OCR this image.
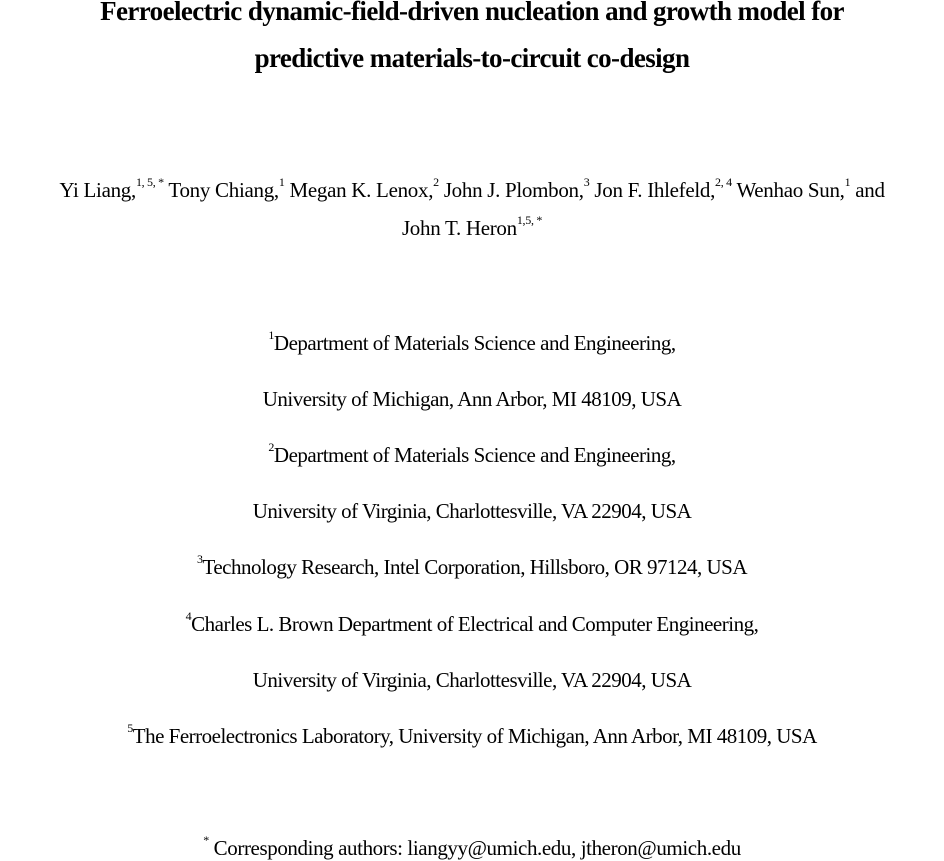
Ferroelectric dynamic-field-driven nucleation and growth model for
predictive materials-to-circuit co-design
Yi Liang,$^{1, 5, *}$ Tony Chiang,$^1$ Megan K. Lenox,$^2$ John J. Plombon,$^3$ Jon F. Ihlefeld,$^{2, 4}$ Wenhao Sun,$^1$ and
John T. Heron$^{1,5, *}$
$^1$Department of Materials Science and Engineering,
University of Michigan, Ann Arbor, MI 48109, USA
$^2$Department of Materials Science and Engineering,
University of Virginia, Charlottesville, VA 22904, USA
$^3$Technology Research, Intel Corporation, Hillsboro, OR 97124, USA
$^4$Charles L. Brown Department of Electrical and Computer Engineering,
University of Virginia, Charlottesville, VA 22904, USA
$^5$The Ferroelectronics Laboratory, University of Michigan, Ann Arbor, MI 48109, USA
* Corresponding authors: liangyy@umich.edu, jtheron@umich.edu
